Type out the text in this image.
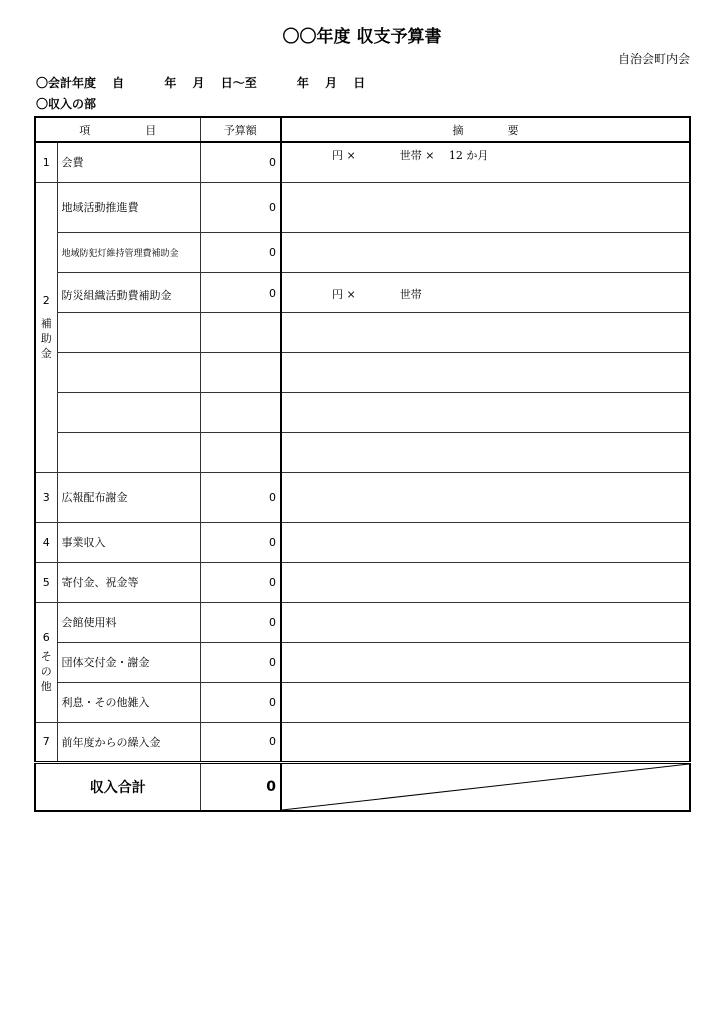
〇〇年度 収支予算書
自治会町内会
〇会計年度　 自　　　 年　 月　 日～至　　　 年　 月　 日
〇収入の部
項　　　　　目		予算額	摘　　　　要
1	会費	0	円 ×　　　　世帯 ×　 12 か月

2
補
助
金	地域活動推進費	0	
	地域防犯灯維持管理費補助金	0	
	防災組織活動費補助金	0	円 ×　　　　世帯

3	広報配布謝金	0	
4	事業収入	0	
5	寄付金、祝金等	0	

6
そ
の
他	会館使用料	0	
	団体交付金・謝金	0	
	利息・その他雑入	0	
7	前年度からの繰入金	0	
収入合計		0	
